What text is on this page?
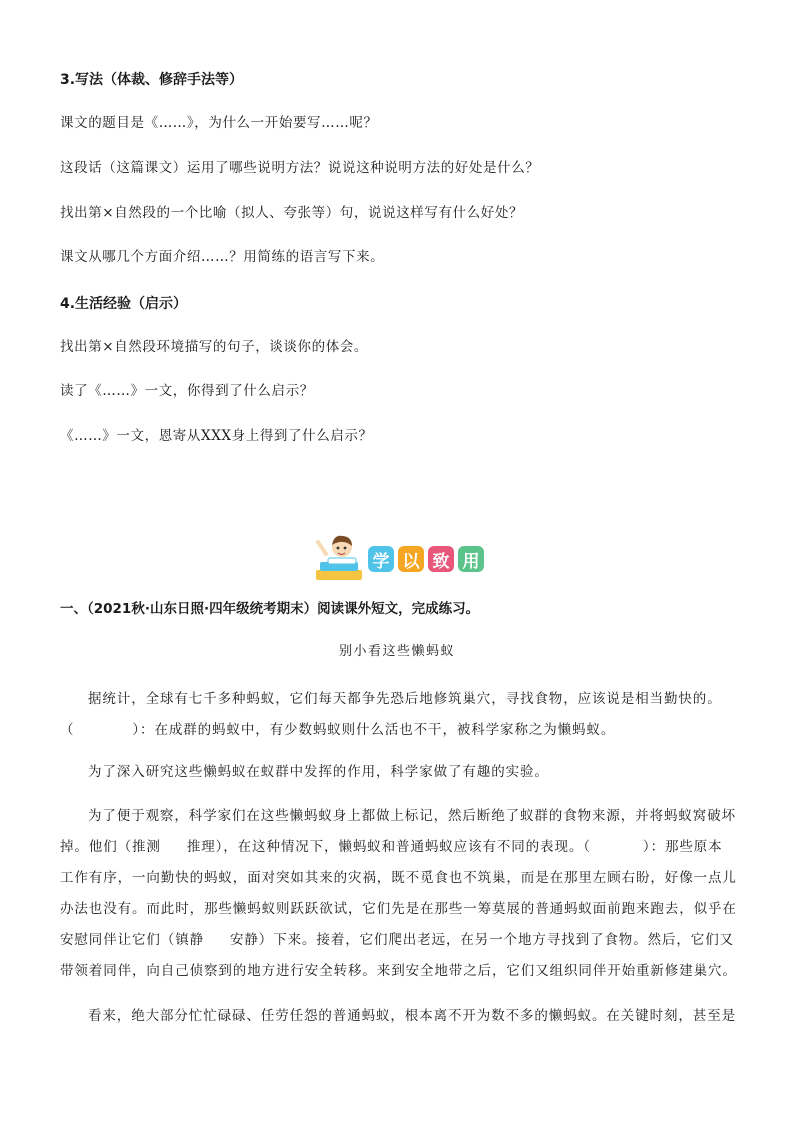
3.写法（体裁、修辞手法等）
课文的题目是《……》，为什么一开始要写……呢？
这段话（这篇课文）运用了哪些说明方法？说说这种说明方法的好处是什么？
找出第×自然段的一个比喻（拟人、夸张等）句，说说这样写有什么好处？
课文从哪几个方面介绍……？用简练的语言写下来。
4.生活经验（启示）
找出第×自然段环境描写的句子，谈谈你的体会。
读了《……》一文，你得到了什么启示？
《……》一文，恩寄从XXX身上得到了什么启示？
学 以 致 用
一、（2021秋·山东日照·四年级统考期末）阅读课外短文，完成练习。
别小看这些懒蚂蚁
据统计，全球有七千多种蚂蚁，它们每天都争先恐后地修筑巢穴，寻找食物，应该说是相当勤快的。
（	）：在成群的蚂蚁中，有少数蚂蚁则什么活也不干，被科学家称之为懒蚂蚁。
为了深入研究这些懒蚂蚁在蚁群中发挥的作用，科学家做了有趣的实验。
为了便于观察，科学家们在这些懒蚂蚁身上都做上标记，然后断绝了蚁群的食物来源，并将蚂蚁窝破坏
掉。他们（推测 推理），在这种情况下，懒蚂蚁和普通蚂蚁应该有不同的表现。（	）：那些原本
工作有序，一向勤快的蚂蚁，面对突如其来的灾祸，既不觅食也不筑巢，而是在那里左顾右盼，好像一点儿
办法也没有。而此时，那些懒蚂蚁则跃跃欲试，它们先是在那些一筹莫展的普通蚂蚁面前跑来跑去，似乎在
安慰同伴让它们（镇静 安静）下来。接着，它们爬出老远，在另一个地方寻找到了食物。然后，它们又
带领着同伴，向自己侦察到的地方进行安全转移。来到安全地带之后，它们又组织同伴开始重新修建巢穴。
看来，绝大部分忙忙碌碌、任劳任怨的普通蚂蚁，根本离不开为数不多的懒蚂蚁。在关键时刻，甚至是
